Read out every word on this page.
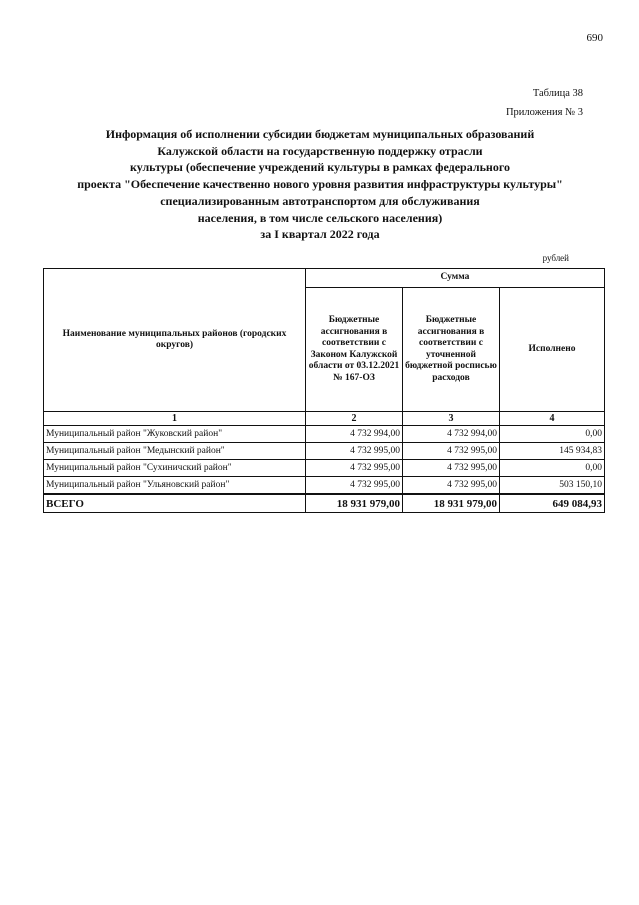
690
Таблица 38
Приложения № 3
Информация об исполнении субсидии бюджетам муниципальных образований
Калужской области на государственную поддержку отрасли
культуры (обеспечение учреждений культуры в рамках федерального
проекта "Обеспечение качественно нового уровня развития инфраструктуры культуры"
специализированным автотранспортом для обслуживания
населения, в том числе сельского населения)
за I квартал 2022 года
рублей
Наименование муниципальных районов (городских округов)	Сумма		
	Бюджетные ассигнования в соответствии с Законом Калужской области от 03.12.2021 № 167-ОЗ	Бюджетные ассигнования в соответствии с уточненной бюджетной росписью расходов	Исполнено
1	2	3	4
Муниципальный район "Жуковский район"	4 732 994,00	4 732 994,00	0,00
Муниципальный район "Медынский район"	4 732 995,00	4 732 995,00	145 934,83
Муниципальный район "Сухиничский район"	4 732 995,00	4 732 995,00	0,00
Муниципальный район "Ульяновский район"	4 732 995,00	4 732 995,00	503 150,10
ВСЕГО	18 931 979,00	18 931 979,00	649 084,93
